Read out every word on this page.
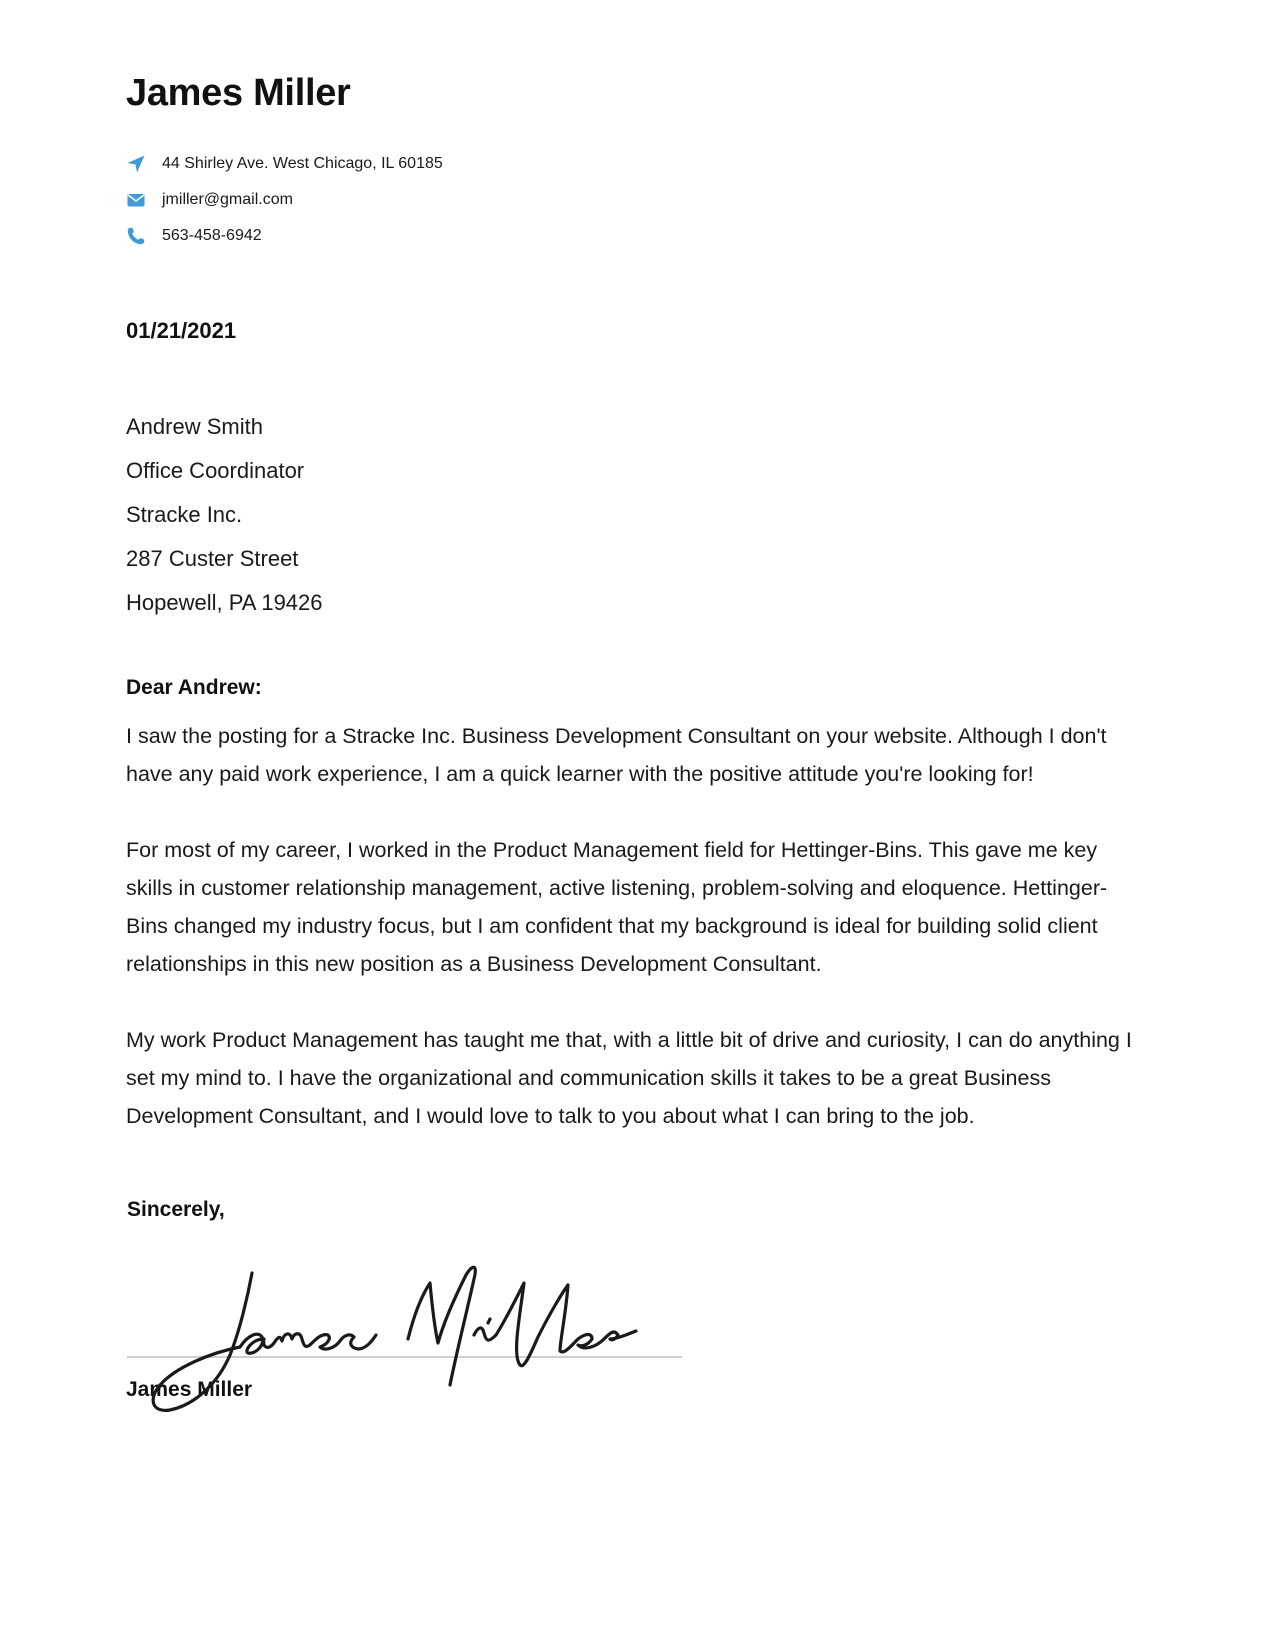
James Miller
44 Shirley Ave. West Chicago, IL 60185
jmiller@gmail.com
563-458-6942
01/21/2021
Andrew Smith
Office Coordinator
Stracke Inc.
287 Custer Street
Hopewell, PA 19426
Dear Andrew:

I saw the posting for a Stracke Inc. Business Development Consultant on your website. Although I don't have any paid work experience, I am a quick learner with the positive attitude you're looking for!

For most of my career, I worked in the Product Management field for Hettinger-Bins. This gave me key skills in customer relationship management, active listening, problem-solving and eloquence. Hettinger-Bins changed my industry focus, but I am confident that my background is ideal for building solid client relationships in this new position as a Business Development Consultant.

My work Product Management has taught me that, with a little bit of drive and curiosity, I can do anything I set my mind to. I have the organizational and communication skills it takes to be a great Business Development Consultant, and I would love to talk to you about what I can bring to the job.

Sincerely,
James Miller
